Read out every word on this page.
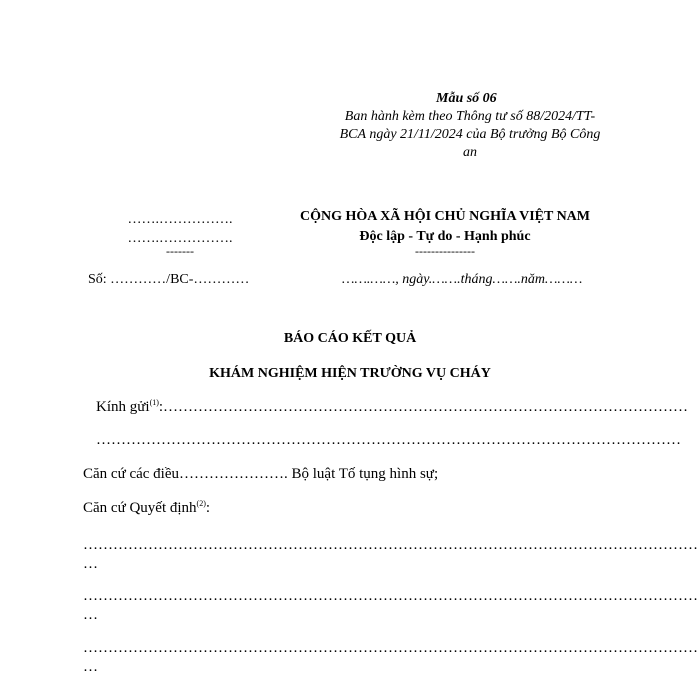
Mẫu số 06
Ban hành kèm theo Thông tư số 88/2024/TT-
BCA ngày 21/11/2024 của Bộ trưởng Bộ Công
an
…….…………….
…….…………….
-------
Số: …………/BC-…………
CỘNG HÒA XÃ HỘI CHỦ NGHĨA VIỆT NAM
Độc lập - Tự do - Hạnh phúc
---------------
…….……, ngày.…….tháng…….năm………
BÁO CÁO KẾT QUẢ
KHÁM NGHIỆM HIỆN TRƯỜNG VỤ CHÁY
Kính gửi$^{(1)}$:……………………………………………………………………………………………
………………………………………………………………………………………………………
Căn cứ các điều…………………. Bộ luật Tố tụng hình sự;
Căn cứ Quyết định$^{(2)}$:
……………………………………………………………………………………………………………
…
……………………………………………………………………………………………………………
…
……………………………………………………………………………………………………………
…
